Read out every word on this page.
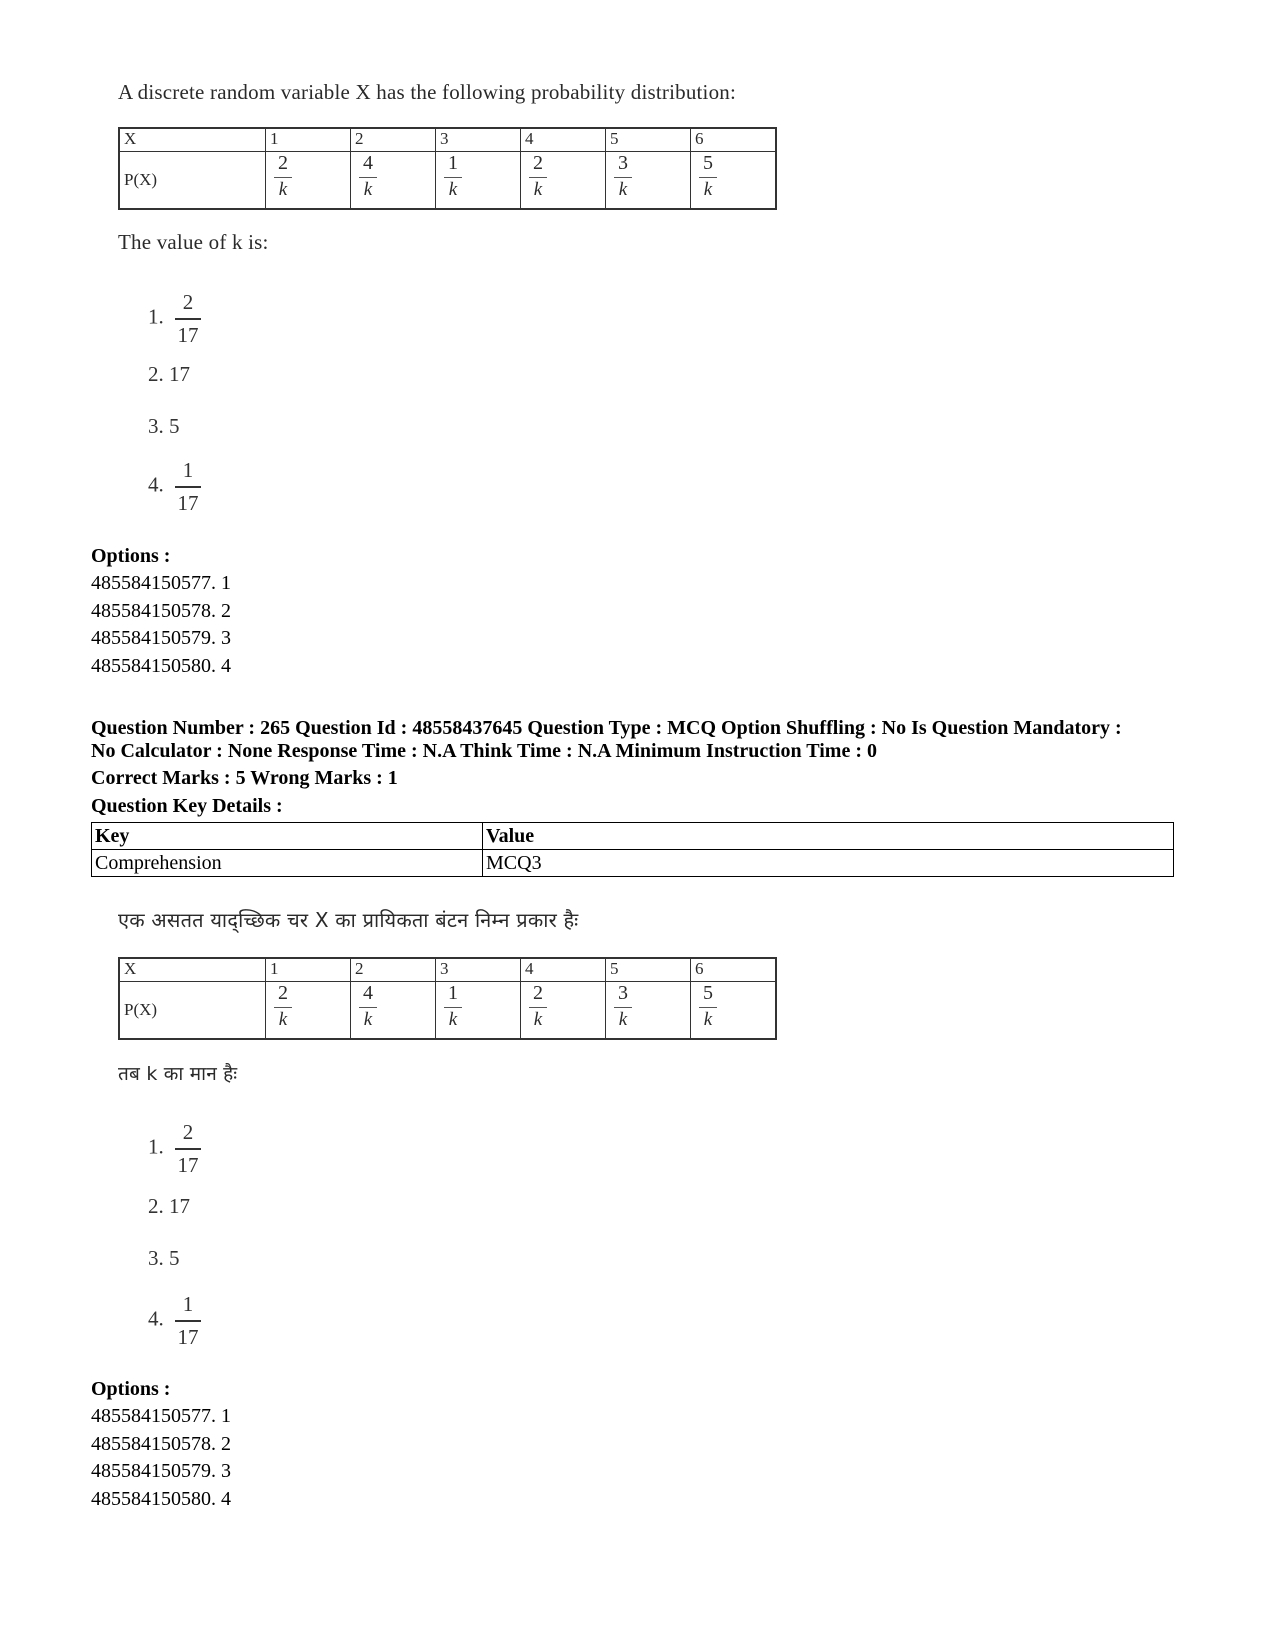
A discrete random variable X has the following probability distribution:
X	1	2	3	4	5	6
P(X)	$\frac{2}{k}$	$\frac{4}{k}$	$\frac{1}{k}$	$\frac{2}{k}$	$\frac{3}{k}$	$\frac{5}{k}$
The value of k is:
1. $\frac{2}{17}$
2. 17
3. 5
4. $\frac{1}{17}$
Options :
485584150577. 1
485584150578. 2
485584150579. 3
485584150580. 4
Question Number : 265 Question Id : 48558437645 Question Type : MCQ Option Shuffling : No Is Question Mandatory :
No Calculator : None Response Time : N.A Think Time : N.A Minimum Instruction Time : 0
Correct Marks : 5 Wrong Marks : 1
Question Key Details :
Key	Value
Comprehension	MCQ3
एक असतत याद्च्छिक चर X का प्रायिकता बंटन निम्न प्रकार हैः
X	1	2	3	4	5	6
P(X)	$\frac{2}{k}$	$\frac{4}{k}$	$\frac{1}{k}$	$\frac{2}{k}$	$\frac{3}{k}$	$\frac{5}{k}$
तब k का मान हैः
1. $\frac{2}{17}$
2. 17
3. 5
4. $\frac{1}{17}$
Options :
485584150577. 1
485584150578. 2
485584150579. 3
485584150580. 4
